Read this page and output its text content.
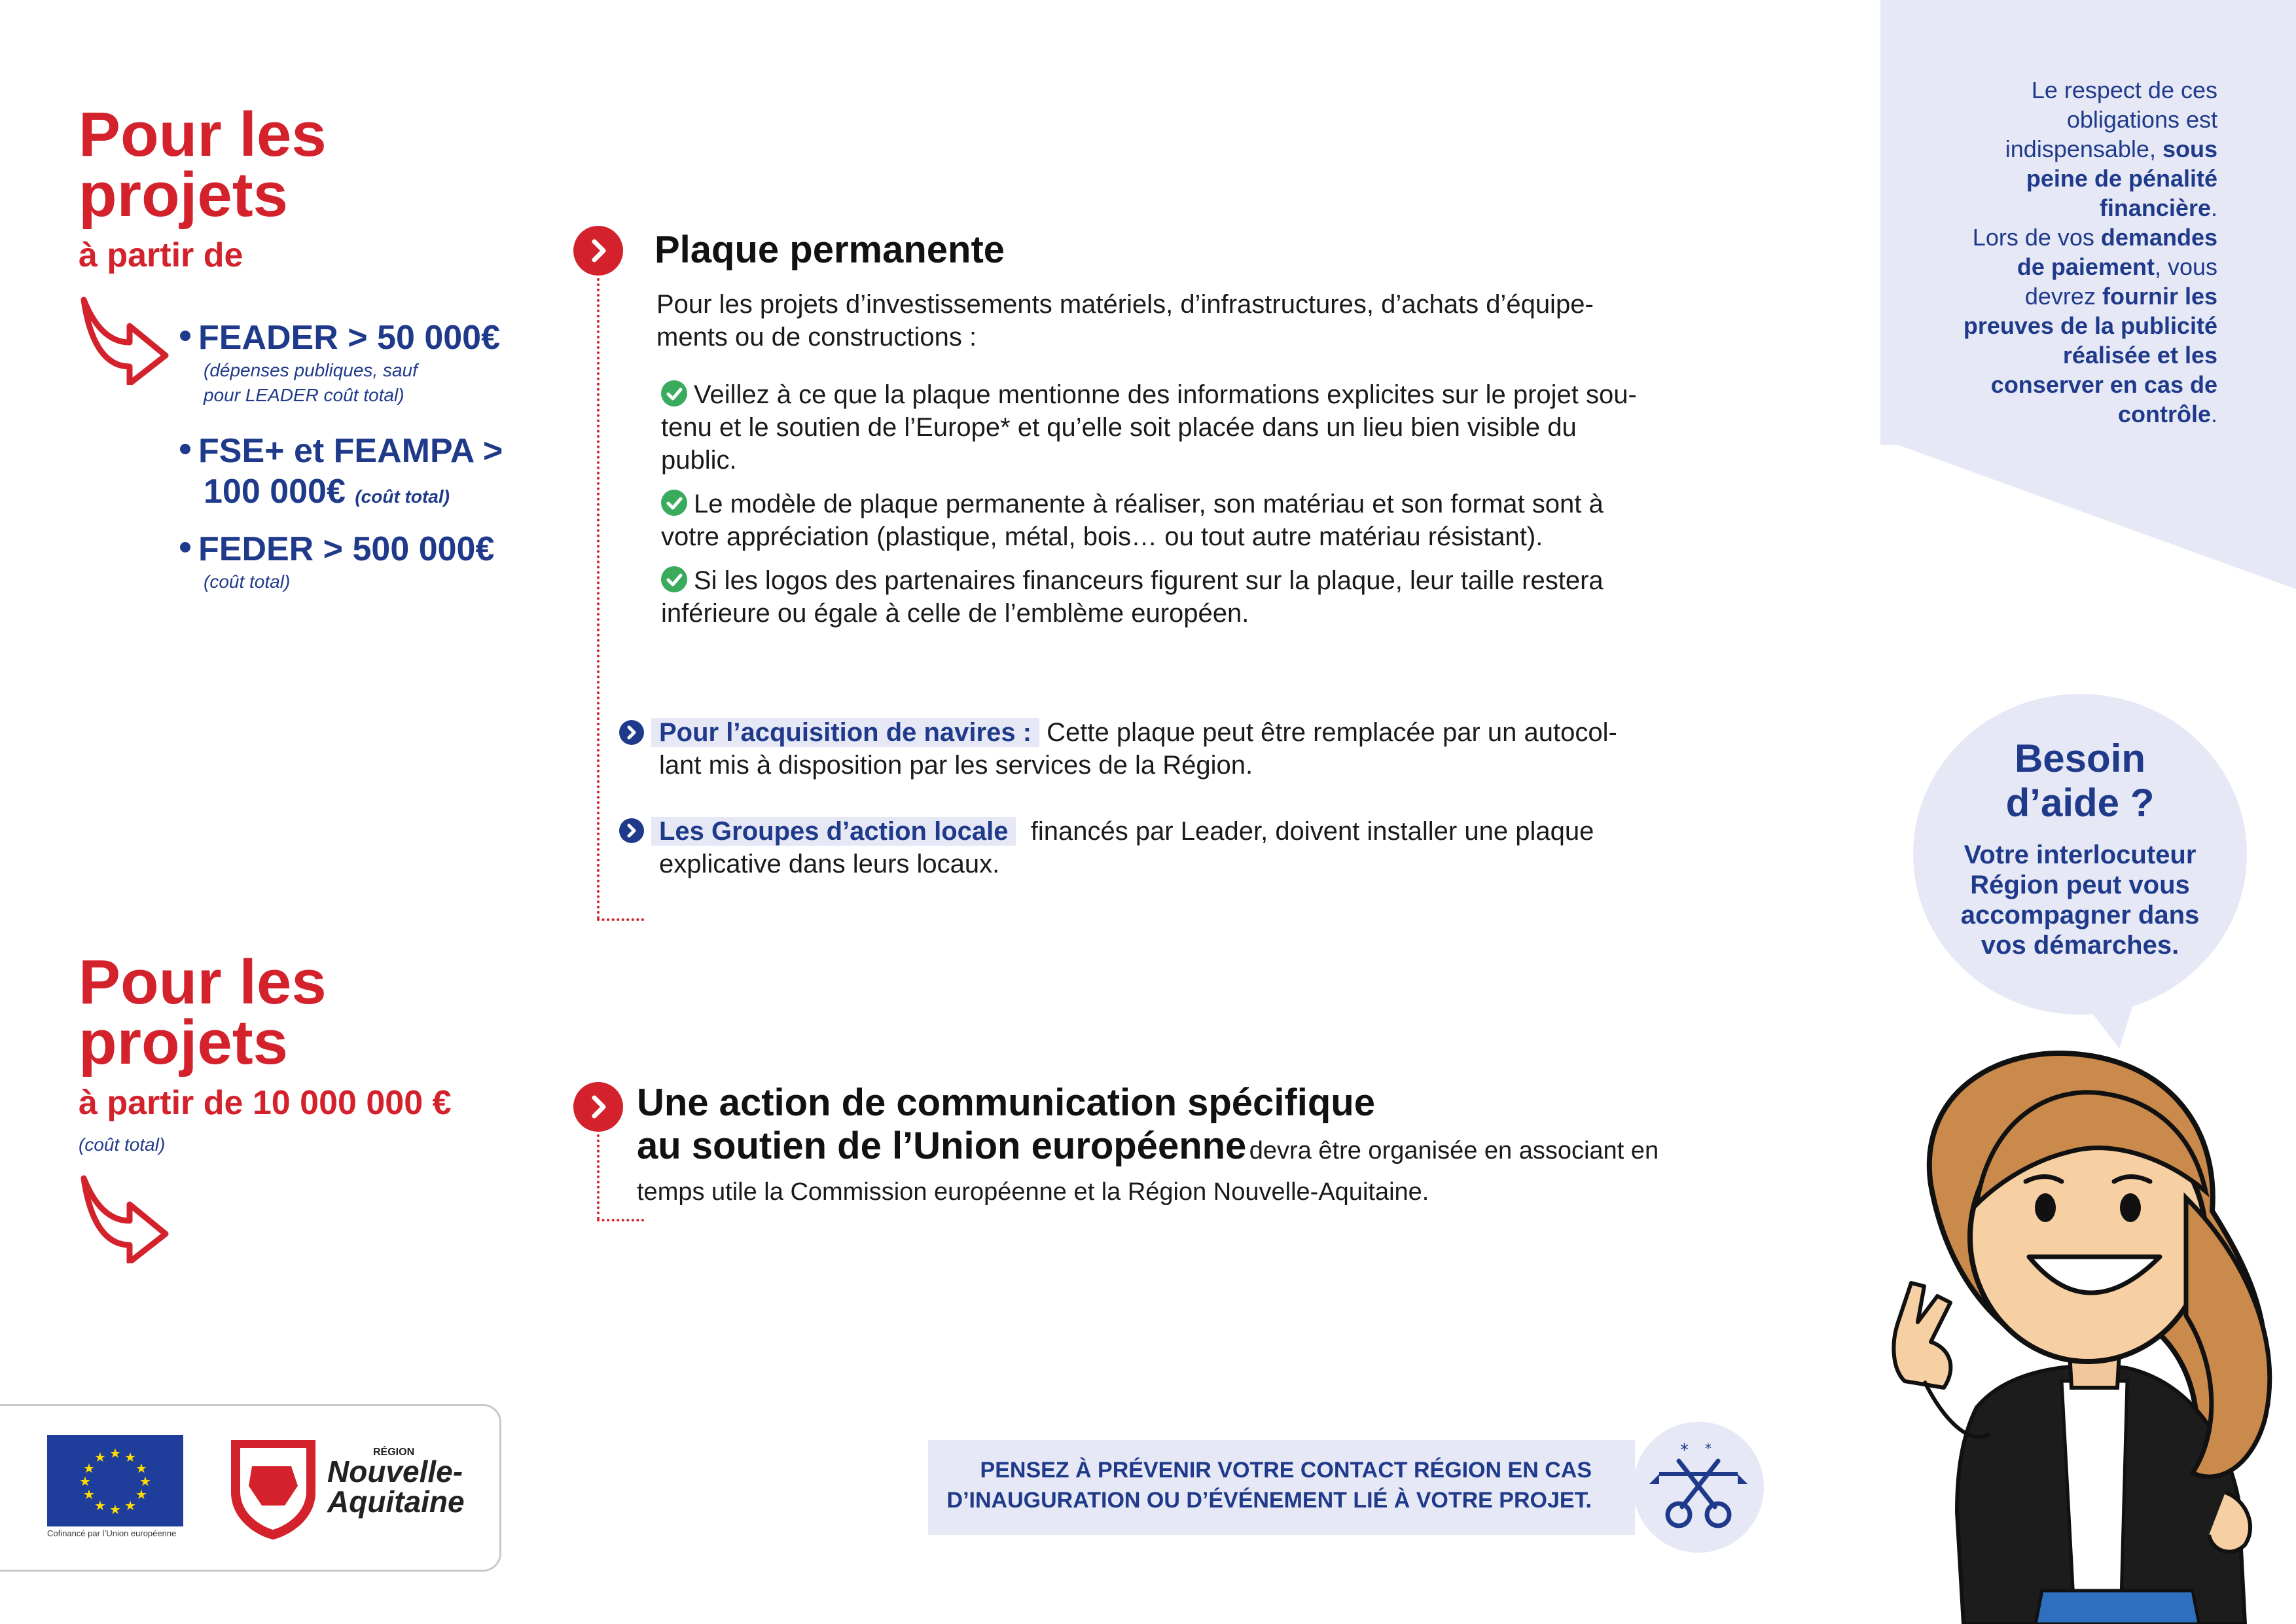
Le respect de ces
obligations est
indispensable, sous
peine de pénalité
financière.
Lors de vos demandes
de paiement, vous
devrez fournir les
preuves de la publicité
réalisée et les
conserver en cas de
contrôle.
Pour les
projets
à partir de
FEADER > 50 000€
(dépenses publiques, sauf
pour LEADER coût total)
FSE+ et FEAMPA >
100 000€ (coût total)
FEDER > 500 000€
(coût total)
Plaque permanente
Pour les projets d’investissements matériels, d’infrastructures, d’achats d’équipe-
ments ou de constructions :
Veillez à ce que la plaque mentionne des informations explicites sur le projet sou-
tenu et le soutien de l’Europe* et qu’elle soit placée dans un lieu bien visible du
public.
Le modèle de plaque permanente à réaliser, son matériau et son format sont à
votre appréciation (plastique, métal, bois… ou tout autre matériau résistant).
Si les logos des partenaires financeurs figurent sur la plaque, leur taille restera
inférieure ou égale à celle de l’emblème européen.
Pour l’acquisition de navires : Cette plaque peut être remplacée par un autocol-
lant mis à disposition par les services de la Région.
Les Groupes d’action locale financés par Leader, doivent installer une plaque
explicative dans leurs locaux.
Pour les
projets
à partir de 10 000 000 €
(coût total)
Une action de communication spécifique
au soutien de l’Union européenne devra être organisée en associant en
temps utile la Commission européenne et la Région Nouvelle-Aquitaine.
Besoin
d’aide ?
Votre interlocuteur
Région peut vous
accompagner dans
vos démarches.
PENSEZ À PRÉVENIR VOTRE CONTACT RÉGION EN CAS
D’INAUGURATION OU D’ÉVÉNEMENT LIÉ À VOTRE PROJET.
* *
★ ★
★
★
★
★
★
★
★
★
★
★
Cofinancé par l’Union européenne
RÉGION
Nouvelle-
Aquitaine
